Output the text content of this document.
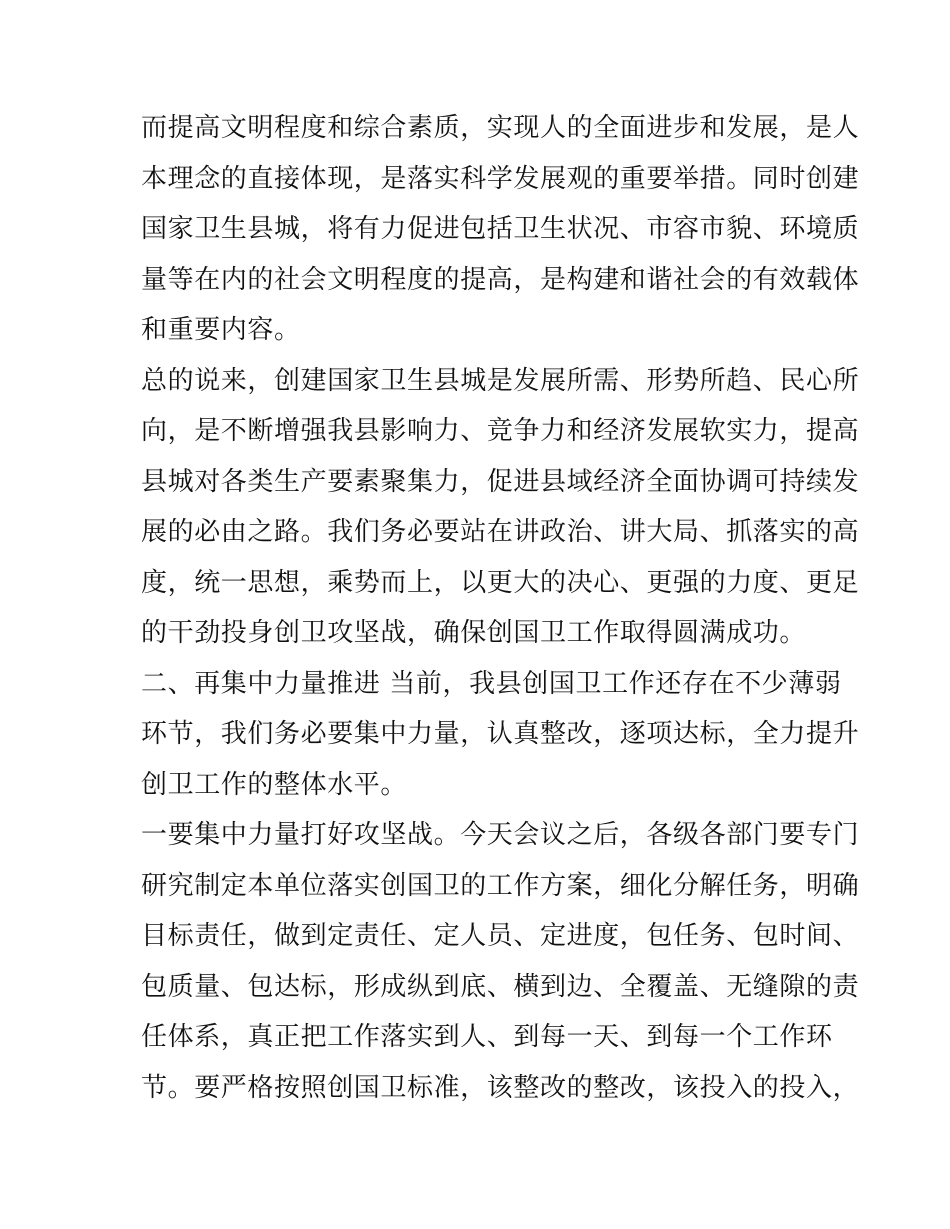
而提高文明程度和综合素质，实现人的全面进步和发展，是人
本理念的直接体现，是落实科学发展观的重要举措。同时创建
国家卫生县城，将有力促进包括卫生状况、市容市貌、环境质
量等在内的社会文明程度的提高，是构建和谐社会的有效载体
和重要内容。
总的说来，创建国家卫生县城是发展所需、形势所趋、民心所
向，是不断增强我县影响力、竞争力和经济发展软实力，提高
县城对各类生产要素聚集力，促进县域经济全面协调可持续发
展的必由之路。我们务必要站在讲政治、讲大局、抓落实的高
度，统一思想，乘势而上，以更大的决心、更强的力度、更足
的干劲投身创卫攻坚战，确保创国卫工作取得圆满成功。
二、再集中力量推进 当前，我县创国卫工作还存在不少薄弱
环节，我们务必要集中力量，认真整改，逐项达标，全力提升
创卫工作的整体水平。
一要集中力量打好攻坚战。今天会议之后，各级各部门要专门
研究制定本单位落实创国卫的工作方案，细化分解任务，明确
目标责任，做到定责任、定人员、定进度，包任务、包时间、
包质量、包达标，形成纵到底、横到边、全覆盖、无缝隙的责
任体系，真正把工作落实到人、到每一天、到每一个工作环
节。要严格按照创国卫标准，该整改的整改，该投入的投入，
